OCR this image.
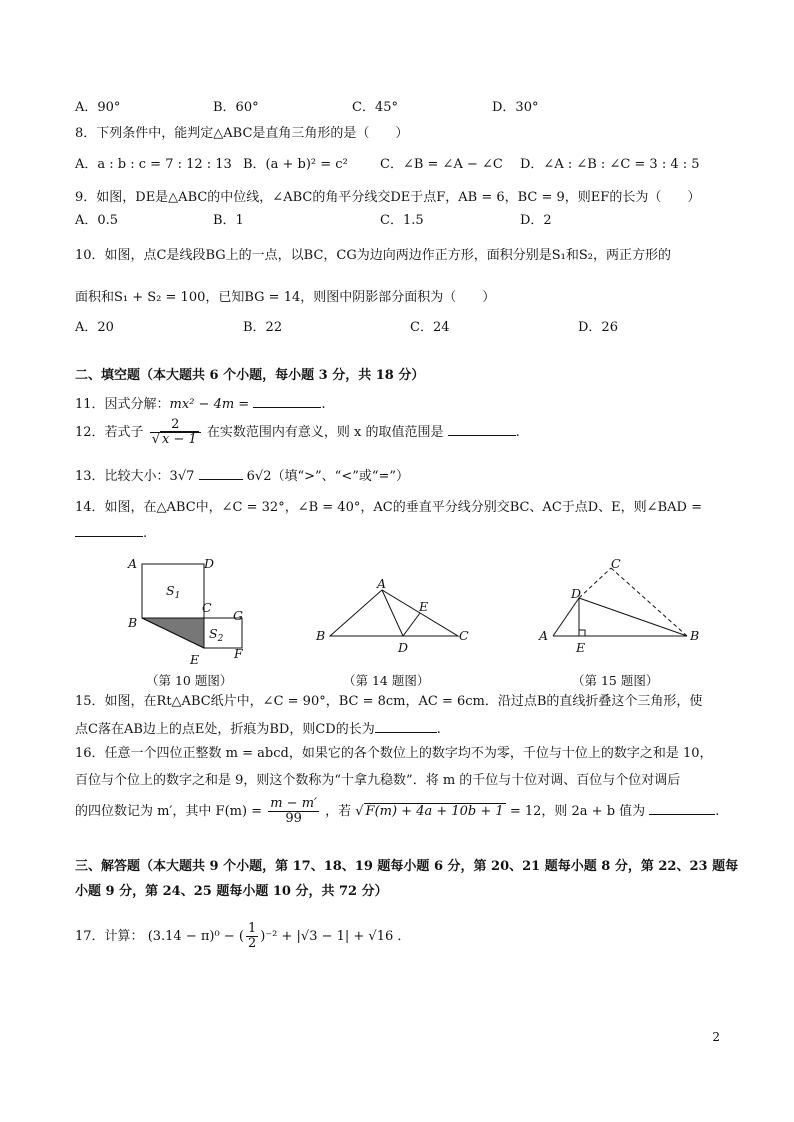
A．90°	B．60°	C．45°	D．30°
8．下列条件中，能判定△ABC是直角三角形的是（　　）
A．a : b : c = 7 : 12 : 13 B．(a + b)² = c² C．∠B = ∠A − ∠C D．∠A : ∠B : ∠C = 3 : 4 : 5
9．如图，DE是△ABC的中位线，∠ABC的角平分线交DE于点F，AB = 6，BC = 9，则EF的长为（　　）
A．0.5	B．1	C．1.5	D．2
10．如图，点C是线段BG上的一点，以BC，CG为边向两边作正方形，面积分别是S₁和S₂，两正方形的
面积和S₁ + S₂ = 100，已知BG = 14，则图中阴影部分面积为（　　）
A．20	B．22	C．24	D．26
二、填空题（本大题共 6 个小题，每小题 3 分，共 18 分）
11．因式分解：mx² − 4m =	.
12．若式子 $\frac{2}{√ x - 1}$ 在实数范围内有意义，则 x 的取值范围是	.
13．比较大小：3√7	6√2（填“>”、“<”或“=”）
14．如图，在△ABC中，∠C = 32°，∠B = 40°，AC的垂直平分线分别交BC、AC于点D、E，则∠BAD =
.
A	D
$S_1$
C
G
B
$S_2$
E	F
（第 10 题图）
A
E
B
D
C
（第 14 题图）
C
D
A
E
B
（第 15 题图）
15．如图，在Rt△ABC纸片中，∠C = 90°，BC = 8cm，AC = 6cm．沿过点B的直线折叠这个三角形，使
点C落在AB边上的点E处，折痕为BD，则CD的长为	.
16．任意一个四位正整数 m = abcd，如果它的各个数位上的数字均不为零，千位与十位上的数字之和是 10，
百位与个位上的数字之和是 9，则这个数称为“十拿九稳数”．将 m 的千位与十位对调、百位与个位对调后
的四位数记为 m′，其中 $F(m) = \frac{m - m'}{99}$ ，若 √ F(m) + 4a + 10b + 1 = 12，则 2a + b 值为	.
三、解答题（本大题共 9 个小题，第 17、18、19 题每小题 6 分，第 20、21 题每小题 8 分，第 22、23 题每
小题 9 分，第 24、25 题每小题 10 分，共 72 分）
17．计算： (3.14 − π)⁰ − ( $\frac{1}{2} )^{-2} + |√3 - 1| + √16$ ．
2
